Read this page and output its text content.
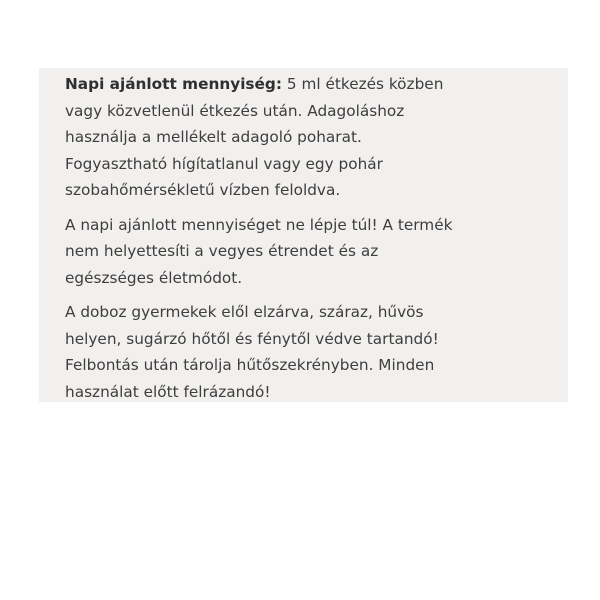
Napi ajánlott mennyiség: 5 ml étkezés közben
vagy közvetlenül étkezés után. Adagoláshoz
használja a mellékelt adagoló poharat.
Fogyasztható hígítatlanul vagy egy pohár
szobahőmérsékletű vízben feloldva.

A napi ajánlott mennyiséget ne lépje túl! A termék
nem helyettesíti a vegyes étrendet és az
egészséges életmódot.

A doboz gyermekek elől elzárva, száraz, hűvös
helyen, sugárzó hőtől és fénytől védve tartandó!
Felbontás után tárolja hűtőszekrényben. Minden
használat előtt felrázandó!
